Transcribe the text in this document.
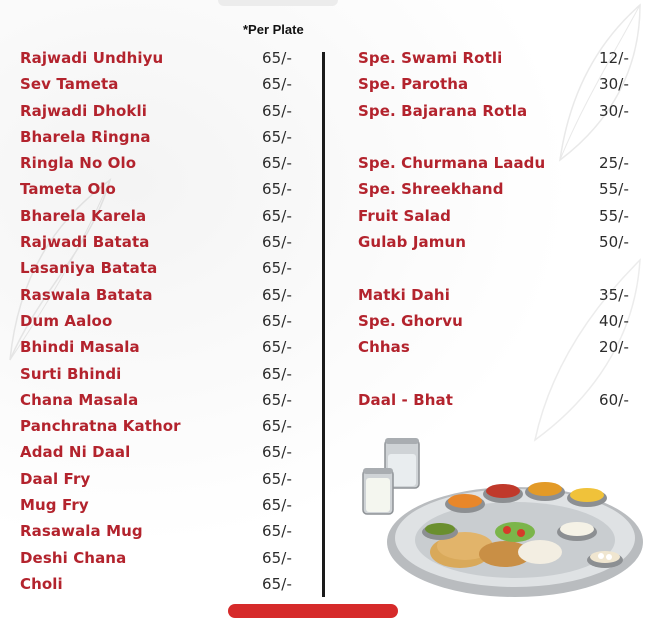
*Per Plate
Rajwadi Undhiyu	65/-
Sev Tameta	65/-
Rajwadi Dhokli	65/-
Bharela Ringna	65/-
Ringla No Olo	65/-
Tameta Olo	65/-
Bharela Karela	65/-
Rajwadi Batata	65/-
Lasaniya Batata	65/-
Raswala Batata	65/-
Dum Aaloo	65/-
Bhindi Masala	65/-
Surti Bhindi	65/-
Chana Masala	65/-
Panchratna Kathor	65/-
Adad Ni Daal	65/-
Daal Fry	65/-
Mug Fry	65/-
Rasawala Mug	65/-
Deshi Chana	65/-
Choli	65/-
Spe. Swami Rotli	12/-
Spe. Parotha	30/-
Spe. Bajarana Rotla	30/-
Spe. Churmana Laadu	25/-
Spe. Shreekhand	55/-
Fruit Salad	55/-
Gulab Jamun	50/-
Matki Dahi	35/-
Spe. Ghorvu	40/-
Chhas	20/-
Daal - Bhat	60/-
